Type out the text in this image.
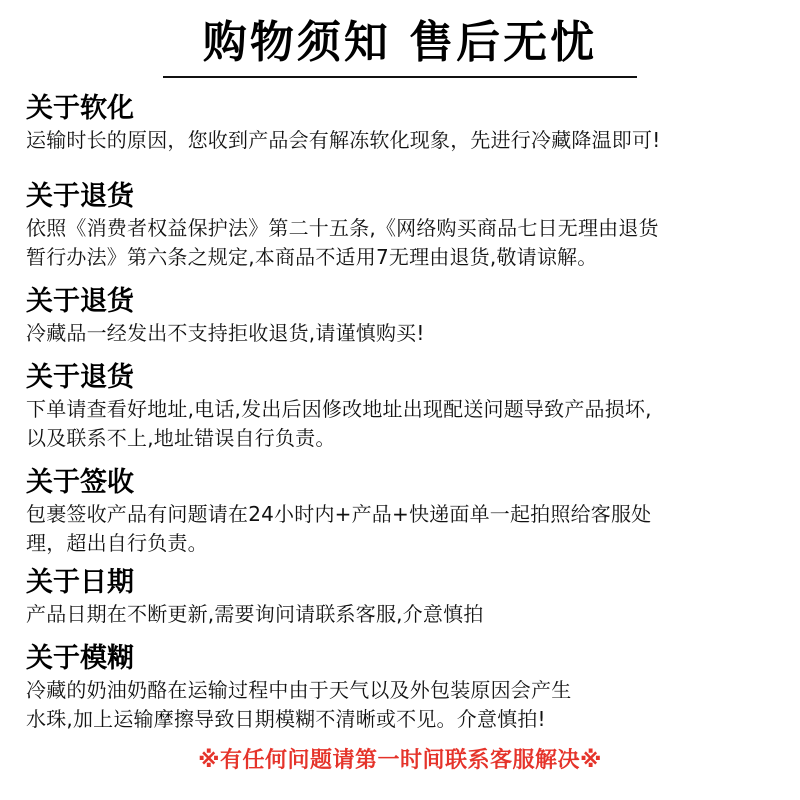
购物须知 售后无忧
关于软化
运输时长的原因，您收到产品会有解冻软化现象，先进行冷藏降温即可!
关于退货
依照《消费者权益保护法》第二十五条,《网络购买商品七日无理由退货
暂行办法》第六条之规定,本商品不适用7无理由退货,敬请谅解。
关于退货
冷藏品一经发出不支持拒收退货,请谨慎购买!
关于退货
下单请查看好地址,电话,发出后因修改地址出现配送问题导致产品损坏,
以及联系不上,地址错误自行负责。
关于签收
包裹签收产品有问题请在24小时内+产品+快递面单一起拍照给客服处
理，超出自行负责。
关于日期
产品日期在不断更新,需要询问请联系客服,介意慎拍
关于模糊
冷藏的奶油奶酪在运输过程中由于天气以及外包装原因会产生
水珠,加上运输摩擦导致日期模糊不清晰或不见。介意慎拍!
※有任何问题请第一时间联系客服解决※
